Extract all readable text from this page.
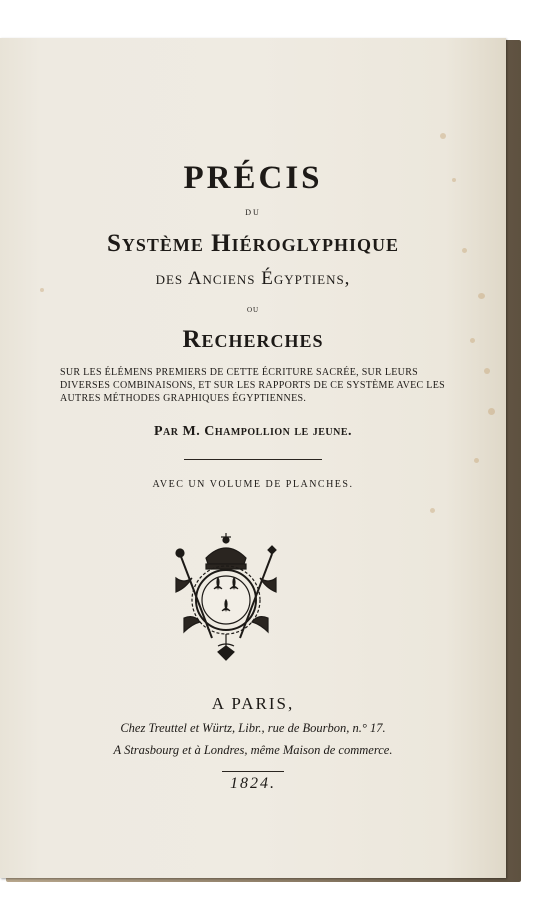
PRÉCIS
du
Système Hiéroglyphique
des Anciens Égyptiens,
ou
Recherches
SUR LES ÉLÉMENS PREMIERS DE CETTE ÉCRITURE SACRÉE, SUR LEURS DIVERSES COMBINAISONS, ET SUR LES RAPPORTS DE CE SYSTÈME AVEC LES AUTRES MÉTHODES GRAPHIQUES ÉGYPTIENNES.
Par M. Champollion le jeune.
AVEC UN VOLUME DE PLANCHES.
A PARIS,
Chez Treuttel et Würtz, Libr., rue de Bourbon, n.° 17.
A Strasbourg et à Londres, même Maison de commerce.
1824.
